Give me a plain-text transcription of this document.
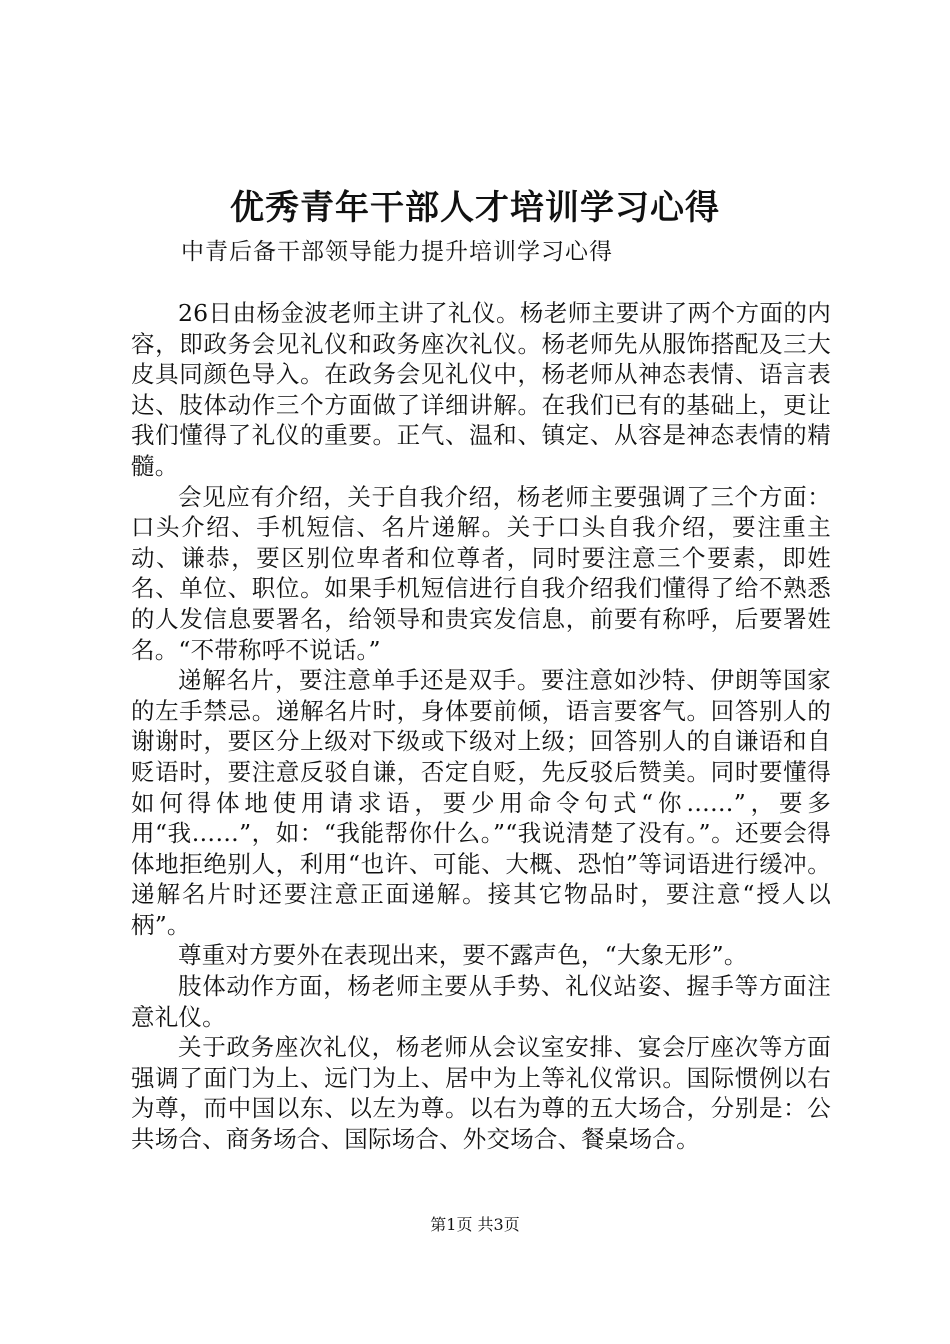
优秀青年干部人才培训学习心得
中青后备干部领导能力提升培训学习心得

26日由杨金波老师主讲了礼仪。杨老师主要讲了两个方面的内容，即政务会见礼仪和政务座次礼仪。杨老师先从服饰搭配及三大皮具同颜色导入。在政务会见礼仪中，杨老师从神态表情、语言表达、肢体动作三个方面做了详细讲解。在我们已有的基础上，更让我们懂得了礼仪的重要。正气、温和、镇定、从容是神态表情的精髓。

会见应有介绍，关于自我介绍，杨老师主要强调了三个方面：口头介绍、手机短信、名片递解。关于口头自我介绍，要注重主动、谦恭，要区别位卑者和位尊者，同时要注意三个要素，即姓名、单位、职位。如果手机短信进行自我介绍我们懂得了给不熟悉的人发信息要署名，给领导和贵宾发信息，前要有称呼，后要署姓名。“不带称呼不说话。”

递解名片，要注意单手还是双手。要注意如沙特、伊朗等国家的左手禁忌。递解名片时，身体要前倾，语言要客气。回答别人的谢谢时，要区分上级对下级或下级对上级；回答别人的自谦语和自贬语时，要注意反驳自谦，否定自贬，先反驳后赞美。同时要懂得如何得体地使用请求语，要少用命令句式“你……”，要多用“我……”，如：“我能帮你什么。”“我说清楚了没有。”。还要会得体地拒绝别人，利用“也许、可能、大概、恐怕”等词语进行缓冲。递解名片时还要注意正面递解。接其它物品时，要注意“授人以柄”。

尊重对方要外在表现出来，要不露声色，“大象无形”。

肢体动作方面，杨老师主要从手势、礼仪站姿、握手等方面注意礼仪。

关于政务座次礼仪，杨老师从会议室安排、宴会厅座次等方面强调了面门为上、远门为上、居中为上等礼仪常识。国际惯例以右为尊，而中国以东、以左为尊。以右为尊的五大场合，分别是：公共场合、商务场合、国际场合、外交场合、餐桌场合。

第1页 共3页
